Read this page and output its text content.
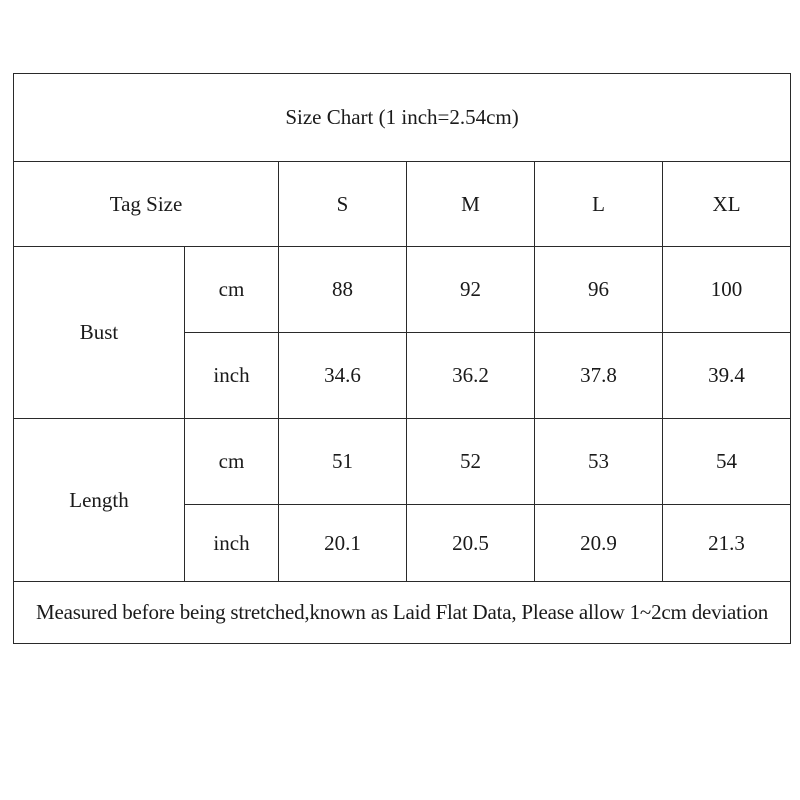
Size Chart (1 inch=2.54cm)					
Tag Size		S	M	L	XL
Bust	cm	88	92	96	100
	inch	34.6	36.2	37.8	39.4
Length	cm	51	52	53	54
	inch	20.1	20.5	20.9	21.3
Measured before being stretched,known as Laid Flat Data, Please allow 1~2cm deviation					
